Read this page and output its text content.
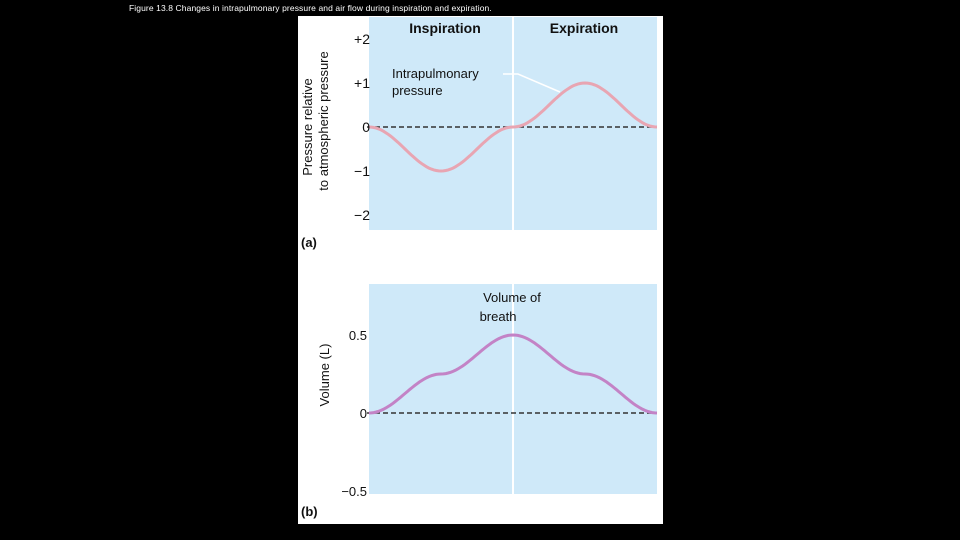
Figure 13.8 Changes in intrapulmonary pressure and air flow during inspiration and expiration.
+2
+1
0
−1
−2
Inspiration	Expiration
Intrapulmonary
pressure
Pressure relative to atmospheric pressure
(a)
0.5
0
−0.5
Volume of
breath
Volume (L)
(b)
